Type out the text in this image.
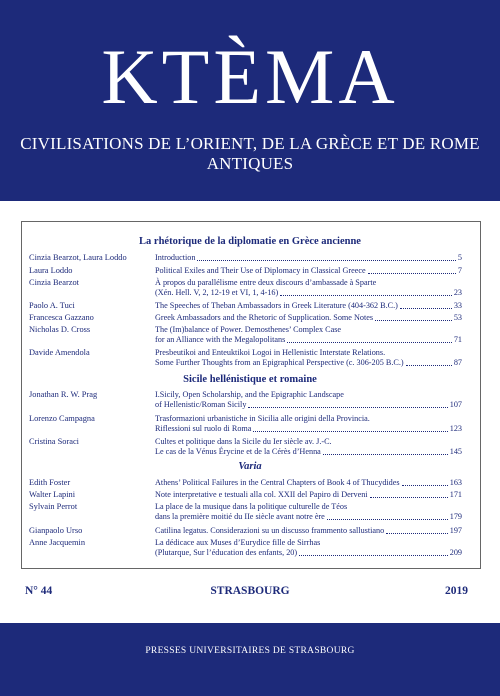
KTÈMA
CIVILISATIONS DE L’ORIENT, DE LA GRÈCE ET DE ROME ANTIQUES
La rhétorique de la diplomatie en Grèce ancienne
Cinzia Bearzot, Laura Loddo	Introduction	5
Laura Loddo	Political Exiles and Their Use of Diplomacy in Classical Greece	7
Cinzia Bearzot	À propos du parallélisme entre deux discours d’ambassade à Sparte
(Xén. Hell. V, 2, 12-19 et VI, 1, 4-16)	23
Paolo A. Tuci	The Speeches of Theban Ambassadors in Greek Literature (404-362 B.C.)	33
Francesca Gazzano	Greek Ambassadors and the Rhetoric of Supplication. Some Notes	53
Nicholas D. Cross	The (Im)balance of Power. Demosthenes’ Complex Case
for an Alliance with the Megalopolitans	71
Davide Amendola	Presbeutikoi and Enteuktikoi Logoi in Hellenistic Interstate Relations.
Some Further Thoughts from an Epigraphical Perspective (c. 306-205 B.C.)	87
Sicile hellénistique et romaine
Jonathan R. W. Prag	I.Sicily, Open Scholarship, and the Epigraphic Landscape
of Hellenistic/Roman Sicily	107
Lorenzo Campagna	Trasformazioni urbanistiche in Sicilia alle origini della Provincia.
Riflessioni sul ruolo di Roma	123
Cristina Soraci	Cultes et politique dans la Sicile du Ier siècle av. J.-C.
Le cas de la Vénus Érycine et de la Cérès d’Henna	145
Varia
Edith Foster	Athens’ Political Failures in the Central Chapters of Book 4 of Thucydides	163
Walter Lapini	Note interpretative e testuali alla col. XXII del Papiro di Derveni	171
Sylvain Perrot	La place de la musique dans la politique culturelle de Téos
dans la première moitié du IIe siècle avant notre ère	179
Gianpaolo Urso	Catilina legatus. Considerazioni su un discusso frammento sallustiano	197
Anne Jacquemin	La dédicace aux Muses d’Eurydice fille de Sirrhas
(Plutarque, Sur l’éducation des enfants, 20)	209
N° 44	STRASBOURG	2019
PRESSES UNIVERSITAIRES DE STRASBOURG
